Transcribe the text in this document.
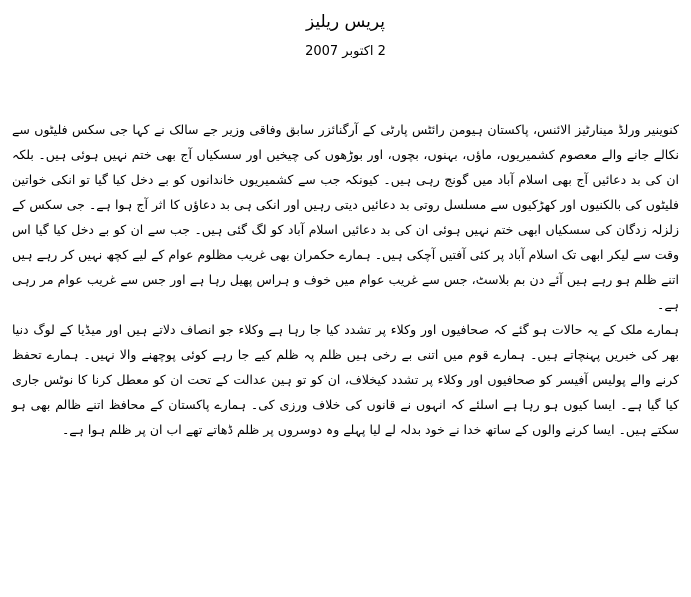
پریس ریلیز
2 اکتوبر 2007

کنوینیر ورلڈ مینارٹیز الائنس، پاکستان ہیومن رائٹس پارٹی کے آرگنائزر سابق وفاقی وزیر جے سالک نے کہا جی سکس فلیٹوں سے نکالے جانے والے معصوم کشمیریوں، ماؤں، بہنوں، بچوں، اور بوڑھوں کی چیخیں اور سسکیاں آج بھی ختم نہیں ہوئی ہیں۔ بلکہ ان کی بد دعائیں آج بھی اسلام آباد میں گونج رہی ہیں۔ کیونکہ جب سے کشمیریوں خاندانوں کو بے دخل کیا گیا تو انکی خواتین فلیٹوں کی بالکنیوں اور کھڑکیوں سے مسلسل روتی بد دعائیں دیتی رہیں اور انکی ہی بد دعاؤں کا اثر آج ہوا ہے۔ جی سکس کے زلزلہ زدگان کی سسکیاں ابھی ختم نہیں ہوئی ان کی بد دعائیں اسلام آباد کو لگ گئی ہیں۔ جب سے ان کو بے دخل کیا گیا اس وقت سے لیکر ابھی تک اسلام آباد پر کئی آفتیں آچکی ہیں۔ ہمارے حکمران بھی غریب مظلوم عوام کے لیے کچھ نہیں کر رہے ہیں اتنے ظلم ہو رہے ہیں آئے دن بم بلاسٹ، جس سے غریب عوام میں خوف و ہراس پھیل رہا ہے اور جس سے غریب عوام مر رہی ہے۔

ہمارے ملک کے یہ حالات ہو گئے کہ صحافیوں اور وکلاء پر تشدد کیا جا رہا ہے وکلاء جو انصاف دلاتے ہیں اور میڈیا کے لوگ دنیا بھر کی خبریں پہنچاتے ہیں۔ ہمارے قوم میں اتنی بے رخی ہیں ظلم پہ ظلم کیے جا رہے کوئی پوچھنے والا نہیں۔ ہمارے تحفظ کرنے والے پولیس آفیسر کو صحافیوں اور وکلاء پر تشدد کیخلاف، ان کو تو ہین عدالت کے تحت ان کو معطل کرنا کا نوٹس جاری کیا گیا ہے۔ ایسا کیوں ہو رہا ہے اسلئے کہ انہوں نے قانوں کی خلاف ورزی کی۔ ہمارے پاکستان کے محافظ اتنے ظالم بھی ہو سکتے ہیں۔ ایسا کرنے والوں کے ساتھ خدا نے خود بدلہ لے لیا پہلے وہ دوسروں پر ظلم ڈھاتے تھے اب ان پر ظلم ہوا ہے۔
